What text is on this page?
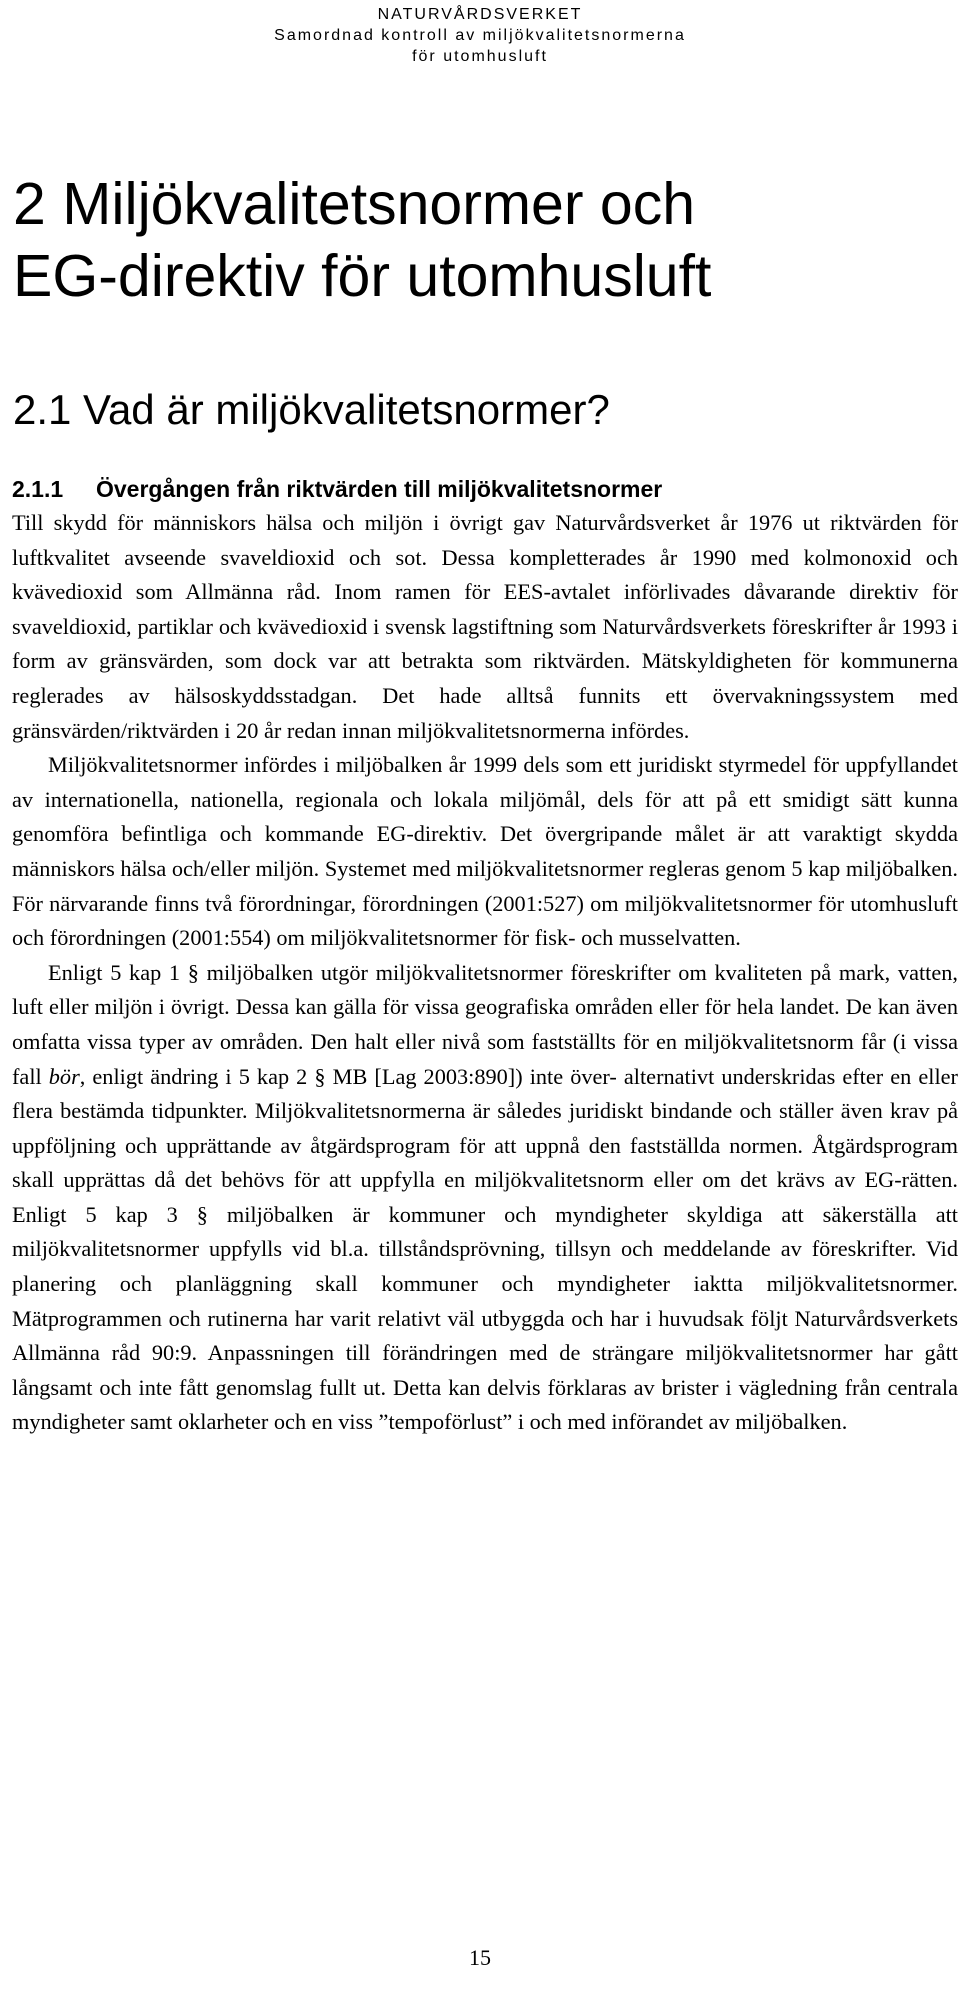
NATURVÅRDSVERKET
Samordnad kontroll av miljökvalitetsnormerna
för utomhusluft
2 Miljökvalitetsnormer och
EG-direktiv för utomhusluft
2.1 Vad är miljökvalitetsnormer?
2.1.1 Övergången från riktvärden till miljökvalitetsnormer

Till skydd för människors hälsa och miljön i övrigt gav Naturvårdsverket år 1976 ut riktvärden för luftkvalitet avseende svaveldioxid och sot. Dessa kompletterades år 1990 med kolmonoxid och kvävedioxid som Allmänna råd. Inom ramen för EES-avtalet införlivades dåvarande direktiv för svaveldioxid, partiklar och kvävedioxid i svensk lagstiftning som Naturvårdsverkets föreskrifter år 1993 i form av gränsvärden, som dock var att betrakta som riktvärden. Mätskyldigheten för kommunerna reglerades av hälsoskyddsstadgan. Det hade alltså funnits ett övervakningssystem med gränsvärden/riktvärden i 20 år redan innan miljökvalitetsnormerna infördes.

Miljökvalitetsnormer infördes i miljöbalken år 1999 dels som ett juridiskt styrmedel för uppfyllandet av internationella, nationella, regionala och lokala miljömål, dels för att på ett smidigt sätt kunna genomföra befintliga och kommande EG-direktiv. Det övergripande målet är att varaktigt skydda människors hälsa och/eller miljön. Systemet med miljökvalitetsnormer regleras genom 5 kap miljöbalken. För närvarande finns två förordningar, förordningen (2001:527) om miljökvalitetsnormer för utomhusluft och förordningen (2001:554) om miljökvalitetsnormer för fisk- och musselvatten.

Enligt 5 kap 1 § miljöbalken utgör miljökvalitetsnormer föreskrifter om kvaliteten på mark, vatten, luft eller miljön i övrigt. Dessa kan gälla för vissa geografiska områden eller för hela landet. De kan även omfatta vissa typer av områden. Den halt eller nivå som fastställts för en miljökvalitetsnorm får (i vissa fall bör, enligt ändring i 5 kap 2 § MB [Lag 2003:890]) inte över- alternativt underskridas efter en eller flera bestämda tidpunkter. Miljökvalitetsnormerna är således juridiskt bindande och ställer även krav på uppföljning och upprättande av åtgärdsprogram för att uppnå den fastställda normen. Åtgärdsprogram skall upprättas då det behövs för att uppfylla en miljökvalitetsnorm eller om det krävs av EG-rätten. Enligt 5 kap 3 § miljöbalken är kommuner och myndigheter skyldiga att säkerställa att miljökvalitetsnormer uppfylls vid bl.a. tillståndsprövning, tillsyn och meddelande av föreskrifter. Vid planering och planläggning skall kommuner och myndigheter iaktta miljökvalitetsnormer. Mätprogrammen och rutinerna har varit relativt väl utbyggda och har i huvudsak följt Naturvårdsverkets Allmänna råd 90:9. Anpassningen till förändringen med de strängare miljökvalitetsnormer har gått långsamt och inte fått genomslag fullt ut. Detta kan delvis förklaras av brister i vägledning från centrala myndigheter samt oklarheter och en viss ”tempoförlust” i och med införandet av miljöbalken.

15
